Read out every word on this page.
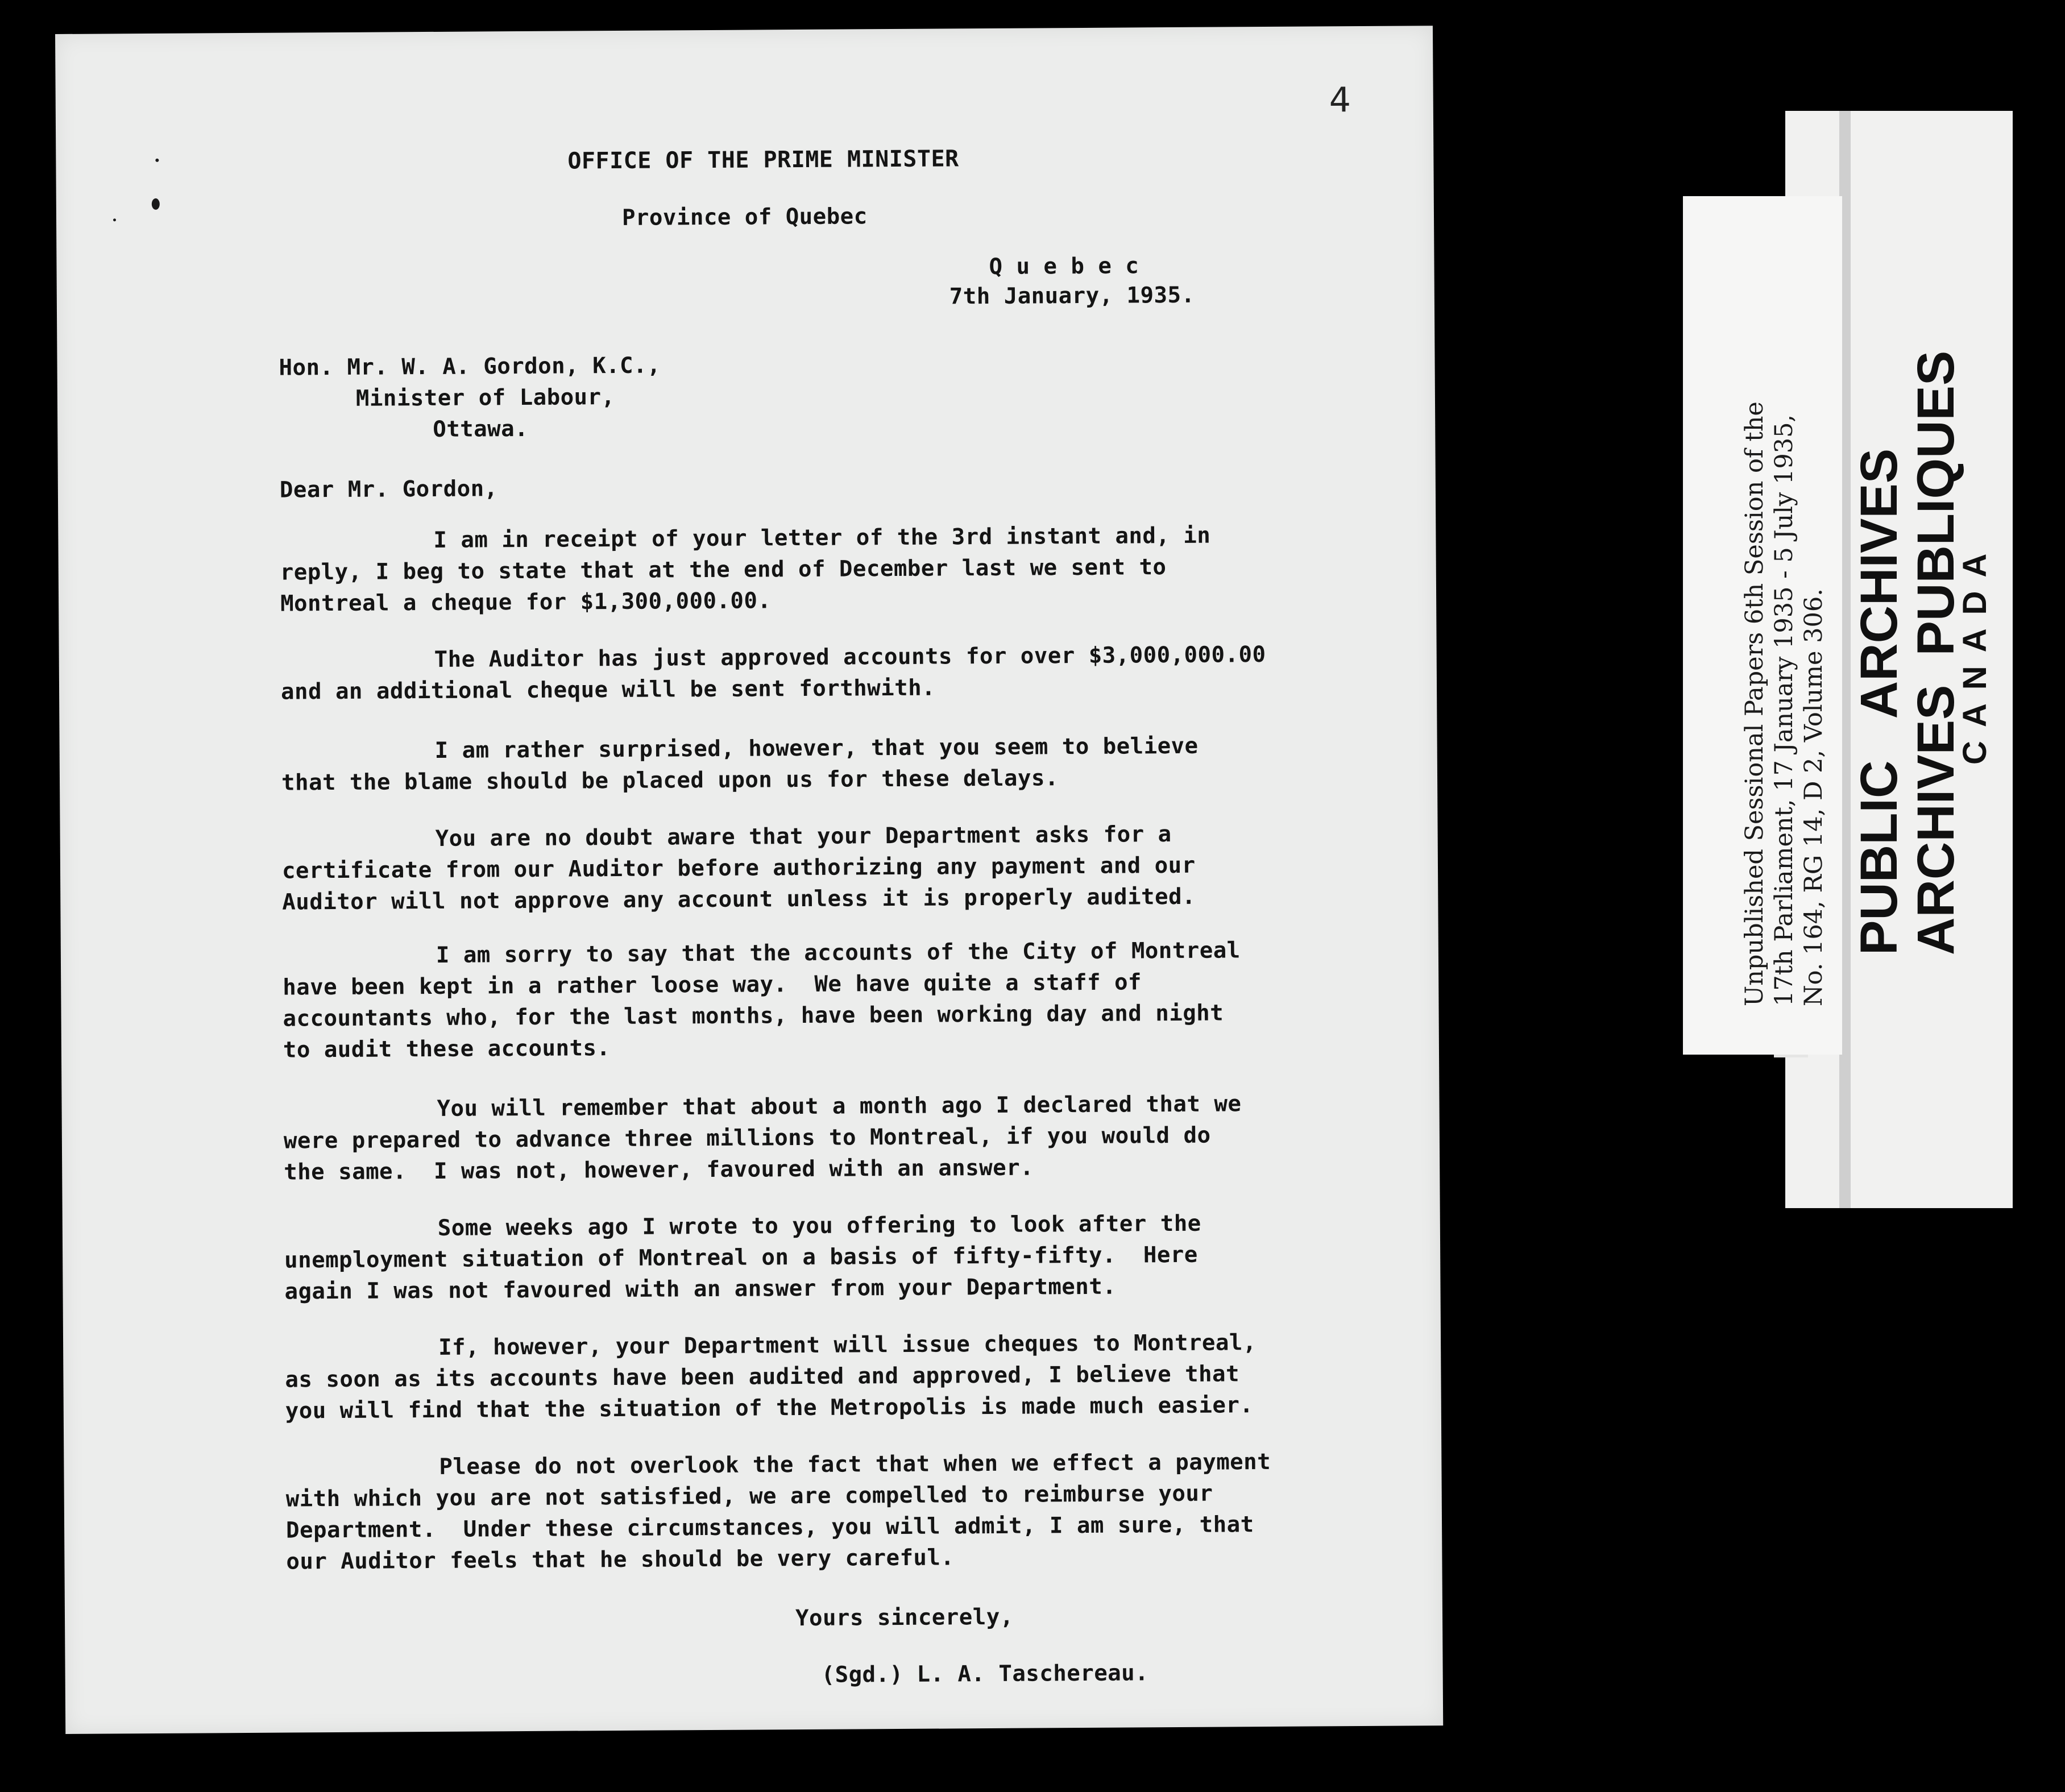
4
OFFICE OF THE PRIME MINISTER
Province of Quebec
Q u e b e c
7th January, 1935.
Hon. Mr. W. A. Gordon, K.C.,
Minister of Labour,
Ottawa.
Dear Mr. Gordon,
I am in receipt of your letter of the 3rd instant and, in
reply, I beg to state that at the end of December last we sent to
Montreal a cheque for $1,300,000.00.
The Auditor has just approved accounts for over $3,000,000.00
and an additional cheque will be sent forthwith.
I am rather surprised, however, that you seem to believe
that the blame should be placed upon us for these delays.
You are no doubt aware that your Department asks for a
certificate from our Auditor before authorizing any payment and our
Auditor will not approve any account unless it is properly audited.
I am sorry to say that the accounts of the City of Montreal
have been kept in a rather loose way.  We have quite a staff of
accountants who, for the last months, have been working day and night
to audit these accounts.
You will remember that about a month ago I declared that we
were prepared to advance three millions to Montreal, if you would do
the same.  I was not, however, favoured with an answer.
Some weeks ago I wrote to you offering to look after the
unemployment situation of Montreal on a basis of fifty-fifty.  Here
again I was not favoured with an answer from your Department.
If, however, your Department will issue cheques to Montreal,
as soon as its accounts have been audited and approved, I believe that
you will find that the situation of the Metropolis is made much easier.
Please do not overlook the fact that when we effect a payment
with which you are not satisfied, we are compelled to reimburse your
Department.  Under these circumstances, you will admit, I am sure, that
our Auditor feels that he should be very careful.
Yours sincerely,
(Sgd.) L. A. Taschereau.
Unpublished Sessional Papers 6th Session of the 17th Parliament, 17 January 1935 - 5 July 1935, No. 164, RG 14, D 2, Volume 306. PUBLIC   ARCHIVES
ARCHIVES  PUBLIQUES
CANADA
